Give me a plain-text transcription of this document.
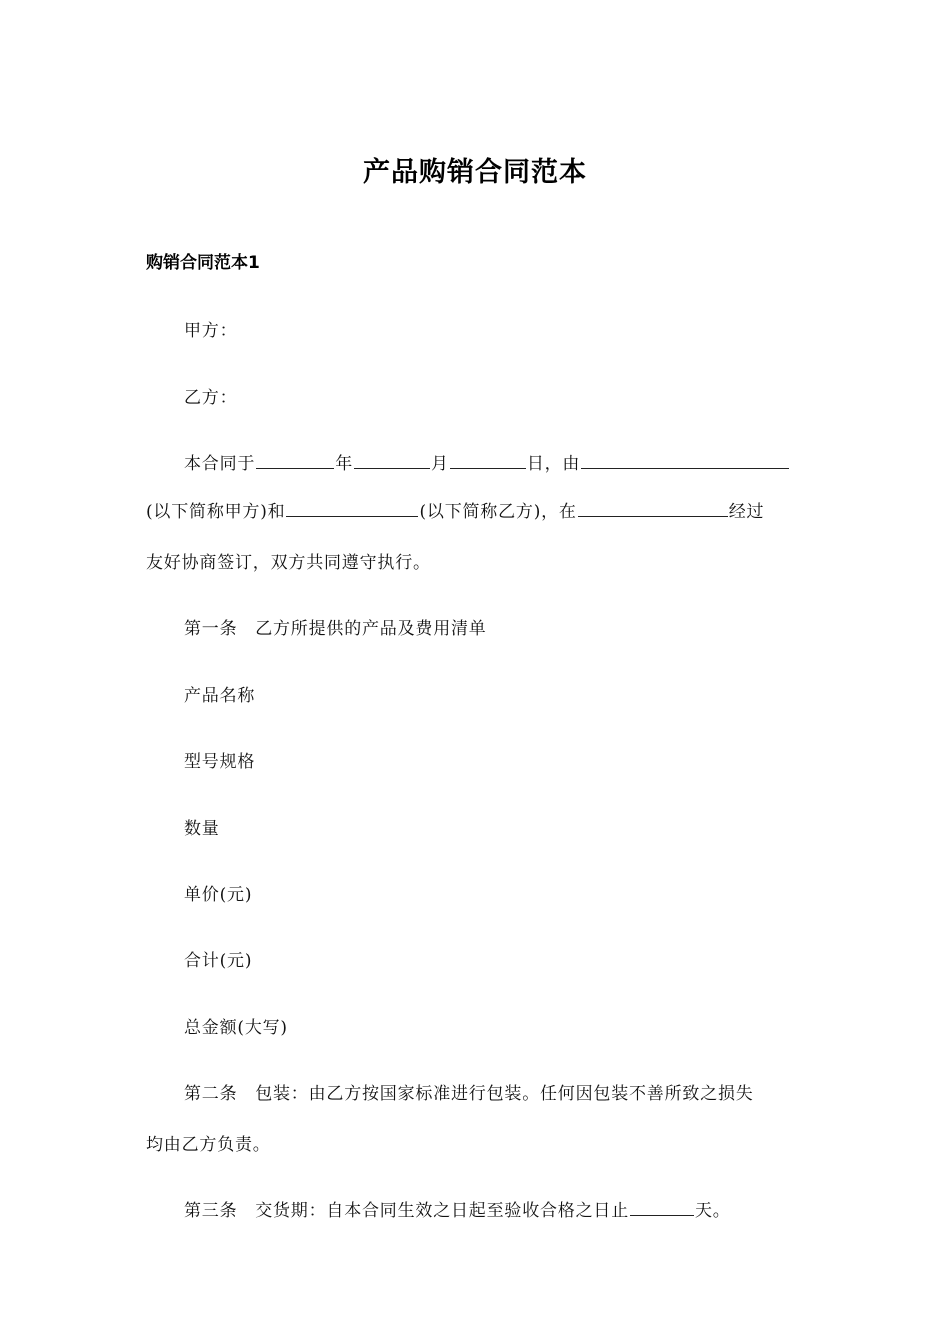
产品购销合同范本
购销合同范本1
甲方：
乙方：
本合同于	年	月	日，由
(以下简称甲方)和	(以下简称乙方)，在	经过
友好协商签订，双方共同遵守执行。
第一条　乙方所提供的产品及费用清单
产品名称
型号规格
数量
单价(元)
合计(元)
总金额(大写)
第二条　包装：由乙方按国家标准进行包装。任何因包装不善所致之损失
均由乙方负责。
第三条　交货期：自本合同生效之日起至验收合格之日止	天。
